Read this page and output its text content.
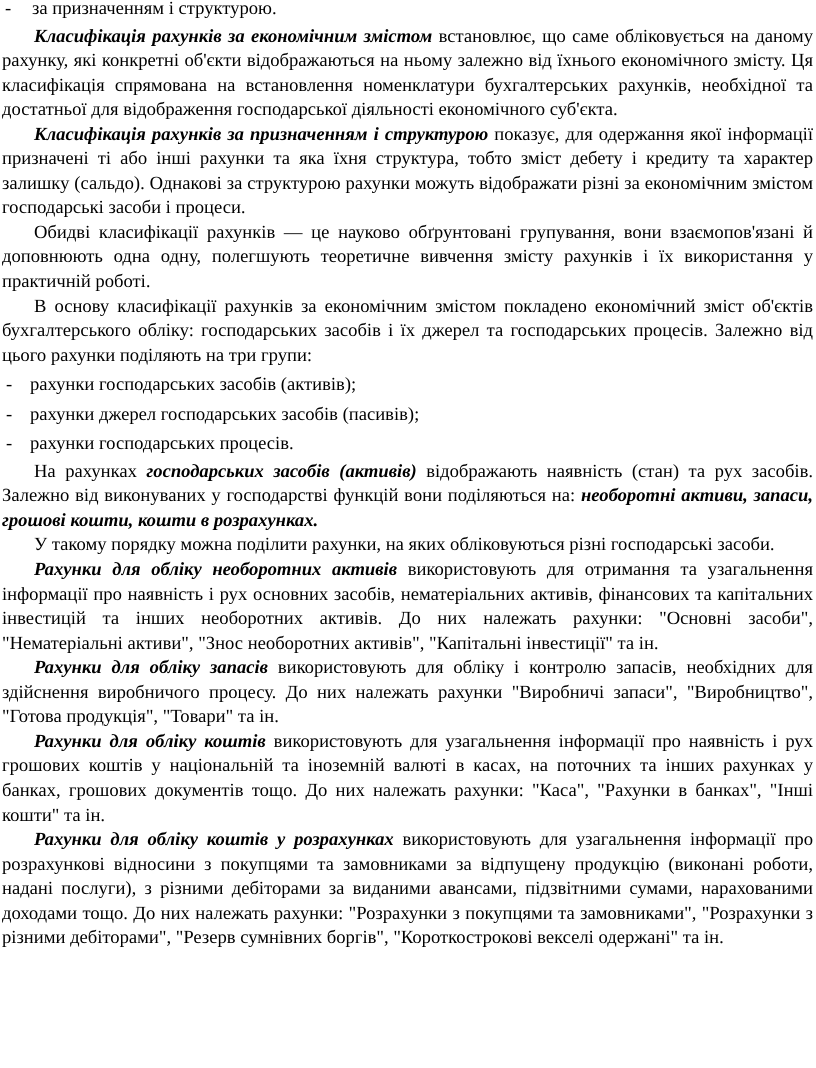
-	за призначенням і структурою.

Класифікація рахунків за економічним змістом встановлює, що саме обліковується на даному рахунку, які конкретні об'єкти відображаються на ньому залежно від їхнього економічного змісту. Ця класифікація спрямована на встановлення номенклатури бухгалтерських рахунків, необхідної та достатньої для відображення господарської діяльності економічного суб'єкта.

Класифікація рахунків за призначенням і структурою показує, для одержання якої інформації призначені ті або інші рахунки та яка їхня структура, тобто зміст дебету і кредиту та характер залишку (сальдо). Однакові за структурою рахунки можуть відображати різні за економічним змістом господарські засоби і процеси.

Обидві класифікації рахунків — це науково обґрунтовані групування, вони взаємопов'язані й доповнюють одна одну, полегшують теоретичне вивчення змісту рахунків і їх використання у практичній роботі.

В основу класифікації рахунків за економічним змістом покладено економічний зміст об'єктів бухгалтерського обліку: господарських засобів і їх джерел та господарських процесів. Залежно від цього рахунки поділяють на три групи:

- рахунки господарських засобів (активів);
- рахунки джерел господарських засобів (пасивів);
- рахунки господарських процесів.

На рахунках господарських засобів (активів) відображають наявність (стан) та рух засобів. Залежно від виконуваних у господарстві функцій вони поділяються на: необоротні активи, запаси, грошові кошти, кошти в розрахунках.

У такому порядку можна поділити рахунки, на яких обліковуються різні господарські засоби.

Рахунки для обліку необоротних активів використовують для отримання та узагальнення інформації про наявність і рух основних засобів, нематеріальних активів, фінансових та капітальних інвестицій та інших необоротних активів. До них належать рахунки: "Основні засоби", "Нематеріальні активи", "Знос необоротних активів", "Капітальні інвестиції" та ін.

Рахунки для обліку запасів використовують для обліку і контролю запасів, необхідних для здійснення виробничого процесу. До них належать рахунки "Виробничі запаси", "Виробництво", "Готова продукція", "Товари" та ін.

Рахунки для обліку коштів використовують для узагальнення інформації про наявність і рух грошових коштів у національній та іноземній валюті в касах, на поточних та інших рахунках у банках, грошових документів тощо. До них належать рахунки: "Каса", "Рахунки в банках", "Інші кошти" та ін.

Рахунки для обліку коштів у розрахунках використовують для узагальнення інформації про розрахункові відносини з покупцями та замовниками за відпущену продукцію (виконані роботи, надані послуги), з різними дебіторами за виданими авансами, підзвітними сумами, нарахованими доходами тощо. До них належать рахунки: "Розрахунки з покупцями та замовниками", "Розрахунки з різними дебіторами", "Резерв сумнівних боргів", "Короткострокові векселі одержані" та ін.
